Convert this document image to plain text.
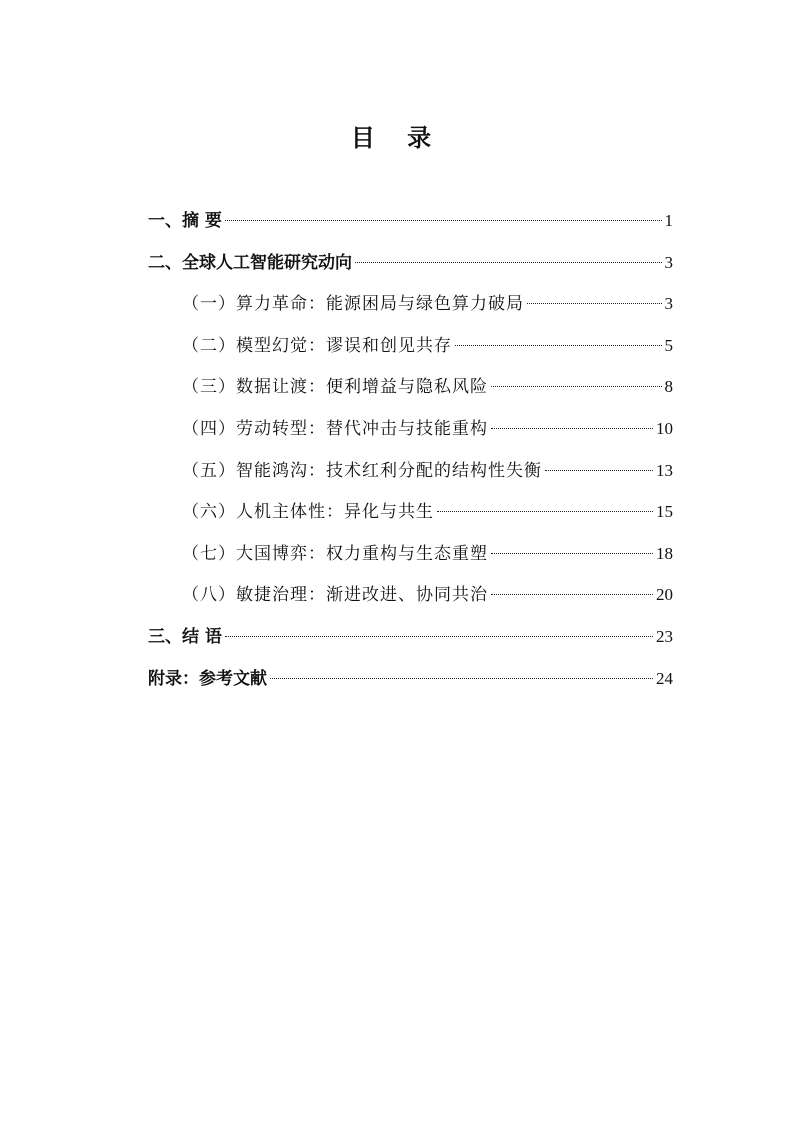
目 录
一、摘 要	1
二、全球人工智能研究动向	3
（一）算力革命：能源困局与绿色算力破局	3
（二）模型幻觉：谬误和创见共存	5
（三）数据让渡：便利增益与隐私风险	8
（四）劳动转型：替代冲击与技能重构	10
（五）智能鸿沟：技术红利分配的结构性失衡	13
（六）人机主体性：异化与共生	15
（七）大国博弈：权力重构与生态重塑	18
（八）敏捷治理：渐进改进、协同共治	20
三、结 语	23
附录：参考文献	24
